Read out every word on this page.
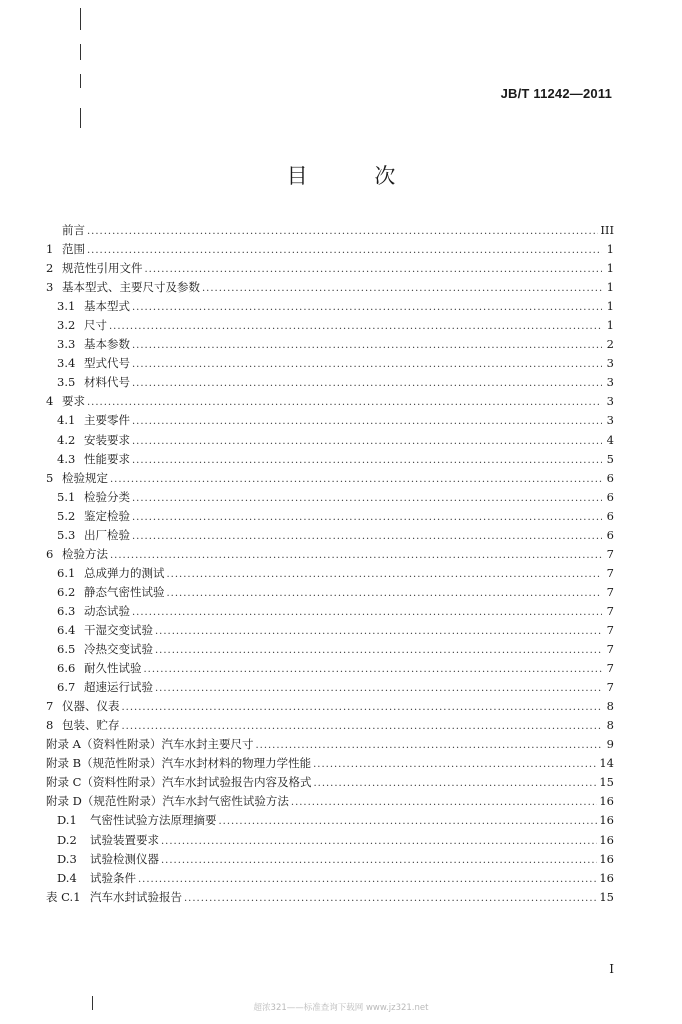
JB/T 11242—2011
目 次
前言 .....	III
1 范围 .....	1
2 规范性引用文件 .....	1
3 基本型式、主要尺寸及参数 .....	1
3.1 基本型式 .....	1
3.2 尺寸 .....	1
3.3 基本参数 .....	2
3.4 型式代号 .....	3
3.5 材料代号 .....	3
4 要求 .....	3
4.1 主要零件 .....	3
4.2 安装要求 .....	4
4.3 性能要求 .....	5
5 检验规定 .....	6
5.1 检验分类 .....	6
5.2 鉴定检验 .....	6
5.3 出厂检验 .....	6
6 检验方法 .....	7
6.1 总成弹力的测试 .....	7
6.2 静态气密性试验 .....	7
6.3 动态试验 .....	7
6.4 干湿交变试验 .....	7
6.5 冷热交变试验 .....	7
6.6 耐久性试验 .....	7
6.7 超速运行试验 .....	7
7 仪器、仪表 .....	8
8 包装、贮存 .....	8
附录 A （资料性附录）汽车水封主要尺寸 .....	9
附录 B （规范性附录）汽车水封材料的物理力学性能 .....	14
附录 C （资料性附录）汽车水封试验报告内容及格式 .....	15
附录 D （规范性附录）汽车水封气密性试验方法 .....	16
D.1	气密性试验方法原理摘要 .....	16
D.2	试验装置要求 .....	16
D.3	试验检测仪器 .....	16
D.4	试验条件 .....	16
表 C.1 汽车水封试验报告 .....	15
I
超浓321——标准查询下载网 www.jz321.net
